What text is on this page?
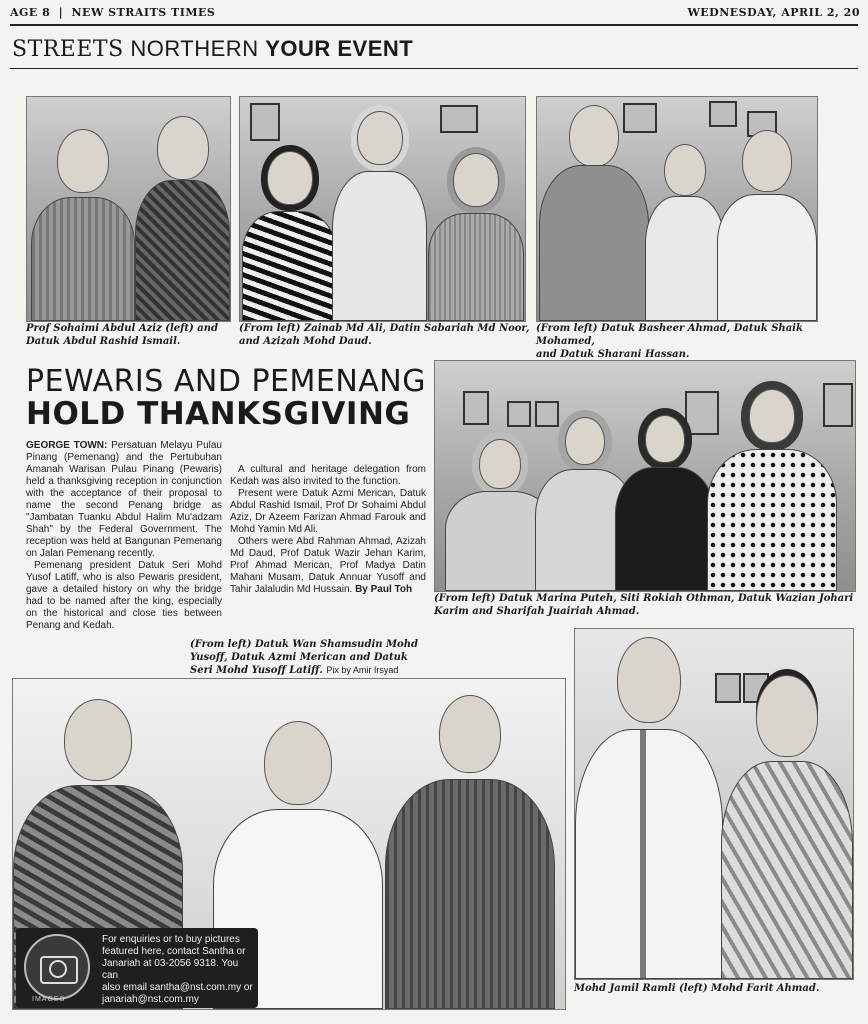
AGE 8 | NEW STRAITS TIMES	WEDNESDAY, APRIL 2, 20
STREETS NORTHERN YOUR EVENT
Prof Sohaimi Abdul Aziz (left) and
Datuk Abdul Rashid Ismail.
(From left) Zainab Md Ali, Datin Sabariah Md Noor,
and Azizah Mohd Daud.
(From left) Datuk Basheer Ahmad, Datuk Shaik Mohamed,
and Datuk Sharani Hassan.
PEWARIS AND PEMENANG
HOLD THANKSGIVING

GEORGE TOWN: Persatuan Melayu Pulau Pinang (Pemenang) and the Pertubuhan Amanah Warisan Pulau Pinang (Pewaris) held a thanksgiving reception in conjunction with the acceptance of their proposal to name the second Penang bridge as "Jambatan Tuanku Abdul Halim Mu'adzam Shah" by the Federal Government. The reception was held at Bangunan Pemenang on Jalan Pemenang recently.

Pemenang president Datuk Seri Mohd Yusof Latiff, who is also Pewaris president, gave a detailed history on why the bridge had to be named after the king, especially on the historical and close ties between Penang and Kedah.

A cultural and heritage delegation from Kedah was also invited to the function.

Present were Datuk Azmi Merican, Datuk Abdul Rashid Ismail, Prof Dr Sohaimi Abdul Aziz, Dr Azeem Farizan Ahmad Farouk and Mohd Yamin Md Ali.

Others were Abd Rahman Ahmad, Azizah Md Daud, Prof Datuk Wazir Jehan Karim, Prof Ahmad Merican, Prof Madya Datin Mahani Musam, Datuk Annuar Yusoff and Tahir Jalaludin Md Hussain. By Paul Toh

(From left) Datuk Marina Puteh, Siti Rokiah Othman, Datuk Wazian Johari
Karim and Sharifah Juairiah Ahmad.
(From left) Datuk Wan Shamsudin Mohd
Yusoff, Datuk Azmi Merican and Datuk
Seri Mohd Yusoff Latiff. Pix by Amir Irsyad
IMAGES
For enquiries or to buy pictures
featured here, contact Santha or
Janariah at 03-2056 9318. You can
also email santha@nst.com.my or
janariah@nst.com.my
Mohd Jamil Ramli (left) Mohd Farit Ahmad.
